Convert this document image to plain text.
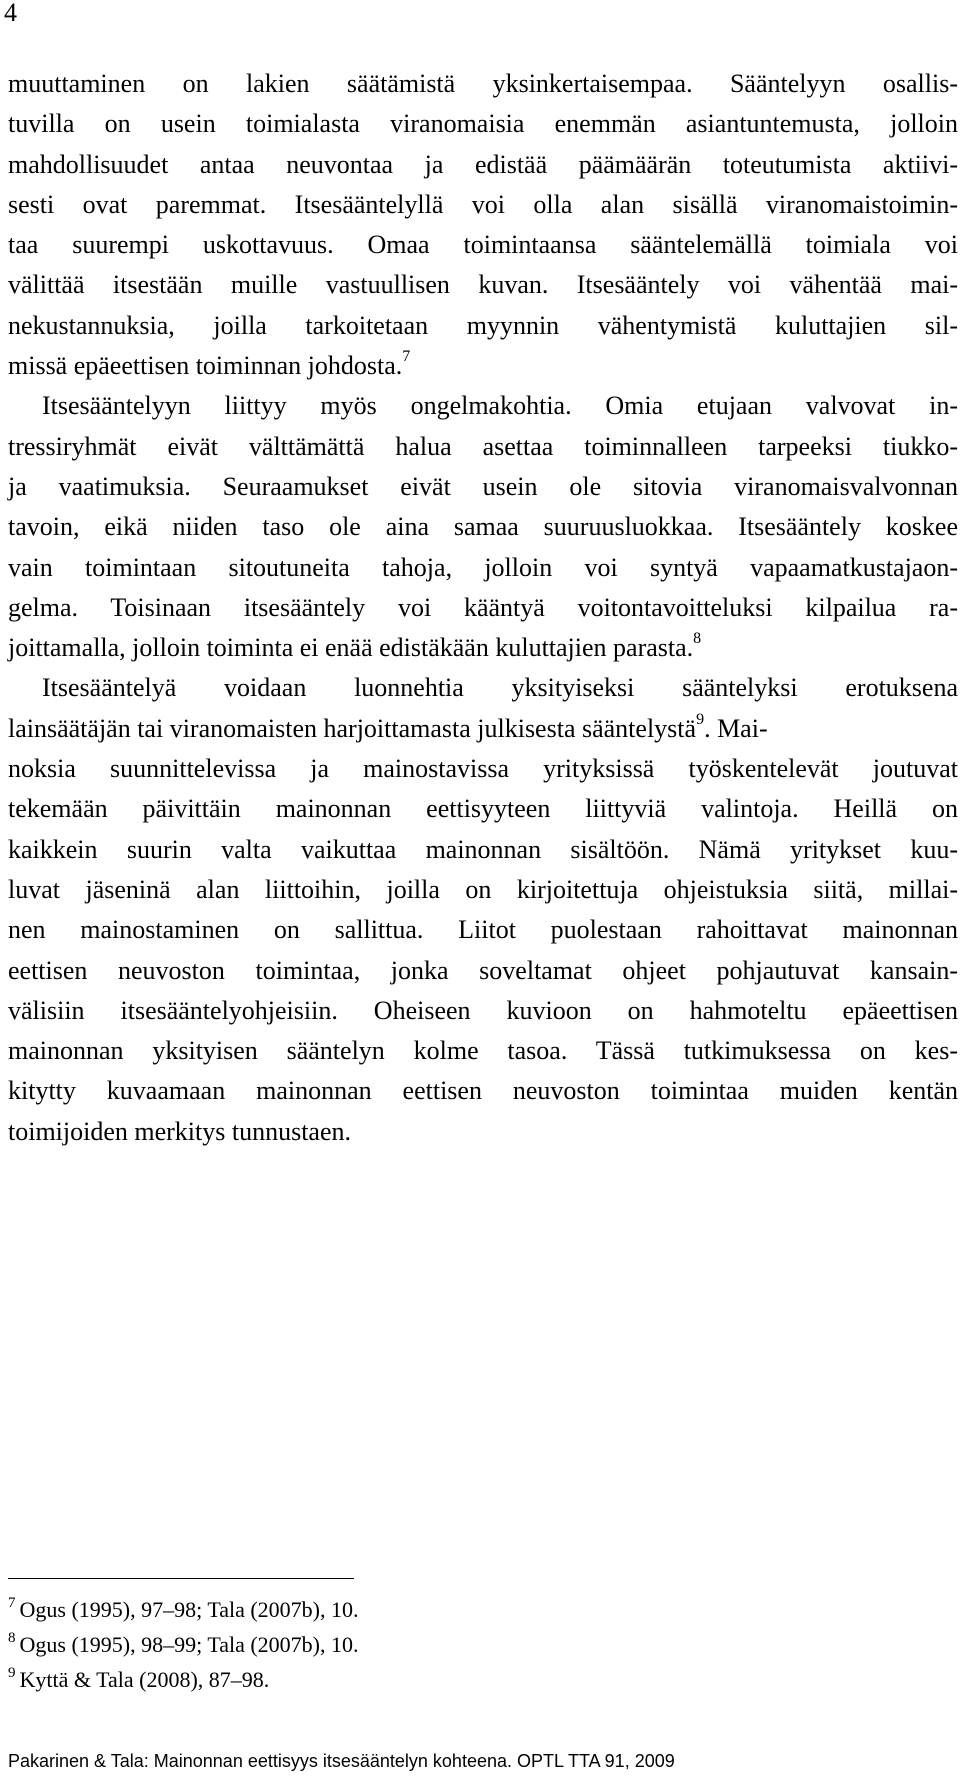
4
muuttaminen on lakien säätämistä yksinkertaisempaa. Sääntelyyn osallis-
tuvilla on usein toimialasta viranomaisia enemmän asiantuntemusta, jolloin
mahdollisuudet antaa neuvontaa ja edistää päämäärän toteutumista aktiivi-
sesti ovat paremmat. Itsesääntelyllä voi olla alan sisällä viranomaistoimin-
taa suurempi uskottavuus. Omaa toimintaansa sääntelemällä toimiala voi
välittää itsestään muille vastuullisen kuvan. Itsesääntely voi vähentää mai-
nekustannuksia, joilla tarkoitetaan myynnin vähentymistä kuluttajien sil-
missä epäeettisen toiminnan johdosta.$^7$
Itsesääntelyyn liittyy myös ongelmakohtia. Omia etujaan valvovat in-
tressiryhmät eivät välttämättä halua asettaa toiminnalleen tarpeeksi tiukko-
ja vaatimuksia. Seuraamukset eivät usein ole sitovia viranomaisvalvonnan
tavoin, eikä niiden taso ole aina samaa suuruusluokkaa. Itsesääntely koskee
vain toimintaan sitoutuneita tahoja, jolloin voi syntyä vapaamatkustajaon-
gelma. Toisinaan itsesääntely voi kääntyä voitontavoitteluksi kilpailua ra-
joittamalla, jolloin toiminta ei enää edistäkään kuluttajien parasta.$^8$
Itsesääntelyä voidaan luonnehtia yksityiseksi sääntelyksi erotuksena
lainsäätäjän tai viranomaisten harjoittamasta julkisesta sääntelystä$^9$. Mai-
noksia suunnittelevissa ja mainostavissa yrityksissä työskentelevät joutuvat
tekemään päivittäin mainonnan eettisyyteen liittyviä valintoja. Heillä on
kaikkein suurin valta vaikuttaa mainonnan sisältöön. Nämä yritykset kuu-
luvat jäseninä alan liittoihin, joilla on kirjoitettuja ohjeistuksia siitä, millai-
nen mainostaminen on sallittua. Liitot puolestaan rahoittavat mainonnan
eettisen neuvoston toimintaa, jonka soveltamat ohjeet pohjautuvat kansain-
välisiin itsesääntelyohjeisiin. Oheiseen kuvioon on hahmoteltu epäeettisen
mainonnan yksityisen sääntelyn kolme tasoa. Tässä tutkimuksessa on kes-
kitytty kuvaamaan mainonnan eettisen neuvoston toimintaa muiden kentän
toimijoiden merkitys tunnustaen.
$^7$ Ogus (1995), 97–98; Tala (2007b), 10.
$^8$ Ogus (1995), 98–99; Tala (2007b), 10.
$^9$ Kyttä & Tala (2008), 87–98.
Pakarinen & Tala: Mainonnan eettisyys itsesääntelyn kohteena. OPTL TTA 91, 2009
